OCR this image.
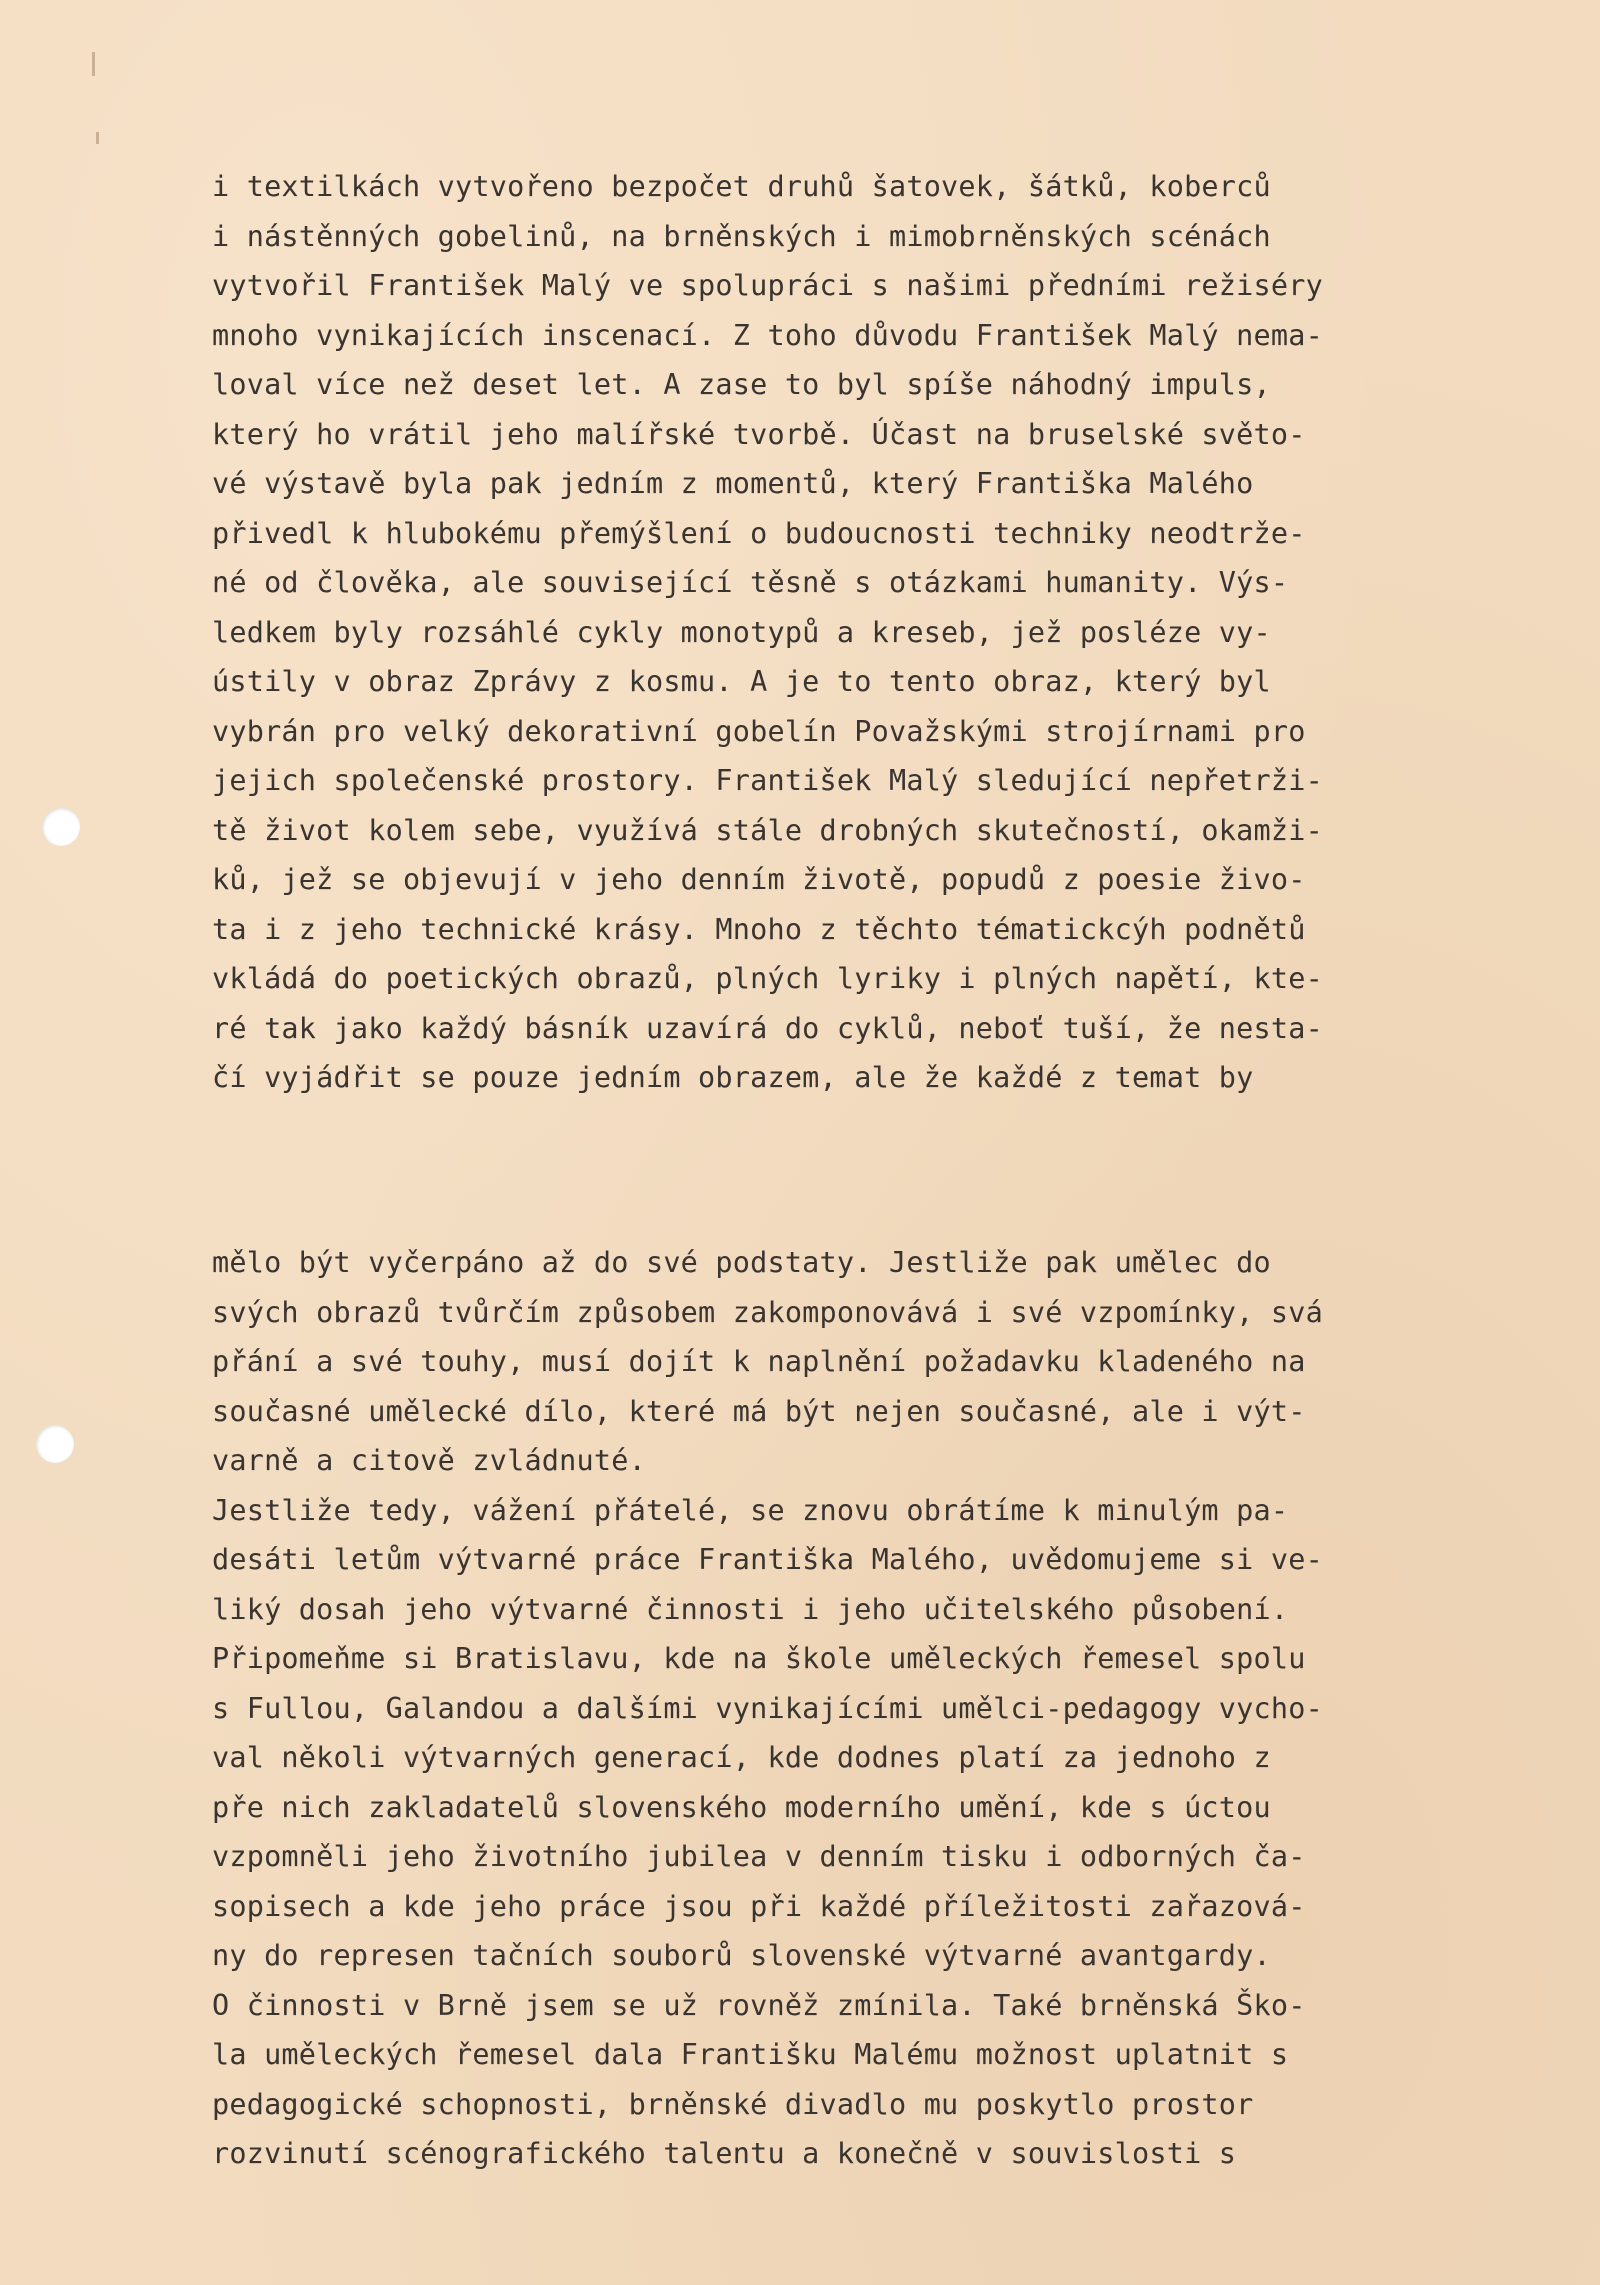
i textilkách vytvořeno bezpočet druhů šatovek, šátků, koberců
i nástěnných gobelinů, na brněnských i mimobrněnských scénách
vytvořil František Malý ve spolupráci s našimi předními režiséry
mnoho vynikajících inscenací. Z toho důvodu František Malý nema-
loval více než deset let. A zase to byl spíše náhodný impuls,
který ho vrátil jeho malířské tvorbě. Účast na bruselské světo-
vé výstavě byla pak jedním z momentů, který Františka Malého
přivedl k hlubokému přemýšlení o budoucnosti techniky neodtrže-
né od člověka, ale související těsně s otázkami humanity. Výs-
ledkem byly rozsáhlé cykly monotypů a kreseb, jež posléze vy-
ústily v obraz Zprávy z kosmu. A je to tento obraz, který byl
vybrán pro velký dekorativní gobelín Považskými strojírnami pro
jejich společenské prostory. František Malý sledující nepřetrži-
tě život kolem sebe, využívá stále drobných skutečností, okamži-
ků, jež se objevují v jeho denním životě, popudů z poesie živo-
ta i z jeho technické krásy. Mnoho z těchto tématickcýh podnětů
vkládá do poetických obrazů, plných lyriky i plných napětí, kte-
ré tak jako každý básník uzavírá do cyklů, neboť tuší, že nesta-
čí vyjádřit se pouze jedním obrazem, ale že každé z temat by
mělo být vyčerpáno až do své podstaty. Jestliže pak umělec do
svých obrazů tvůrčím způsobem zakomponovává i své vzpomínky, svá
přání a své touhy, musí dojít k naplnění požadavku kladeného na
současné umělecké dílo, které má být nejen současné, ale i výt-
varně a citově zvládnuté.
Jestliže tedy, vážení přátelé, se znovu obrátíme k minulým pa-
desáti letům výtvarné práce Františka Malého, uvědomujeme si ve-
liký dosah jeho výtvarné činnosti i jeho učitelského působení.
Připomeňme si Bratislavu, kde na škole uměleckých řemesel spolu
s Fullou, Galandou a dalšími vynikajícími umělci-pedagogy vycho-
val několi výtvarných generací, kde dodnes platí za jednoho z
pře nich zakladatelů slovenského moderního umění, kde s úctou
vzpomněli jeho životního jubilea v denním tisku i odborných ča-
sopisech a kde jeho práce jsou při každé příležitosti zařazová-
ny do represen tačních souborů slovenské výtvarné avantgardy.
O činnosti v Brně jsem se už rovněž zmínila. Také brněnská Ško-
la uměleckých řemesel dala Františku Malému možnost uplatnit s
pedagogické schopnosti, brněnské divadlo mu poskytlo prostor
rozvinutí scénografického talentu a konečně v souvislosti s
